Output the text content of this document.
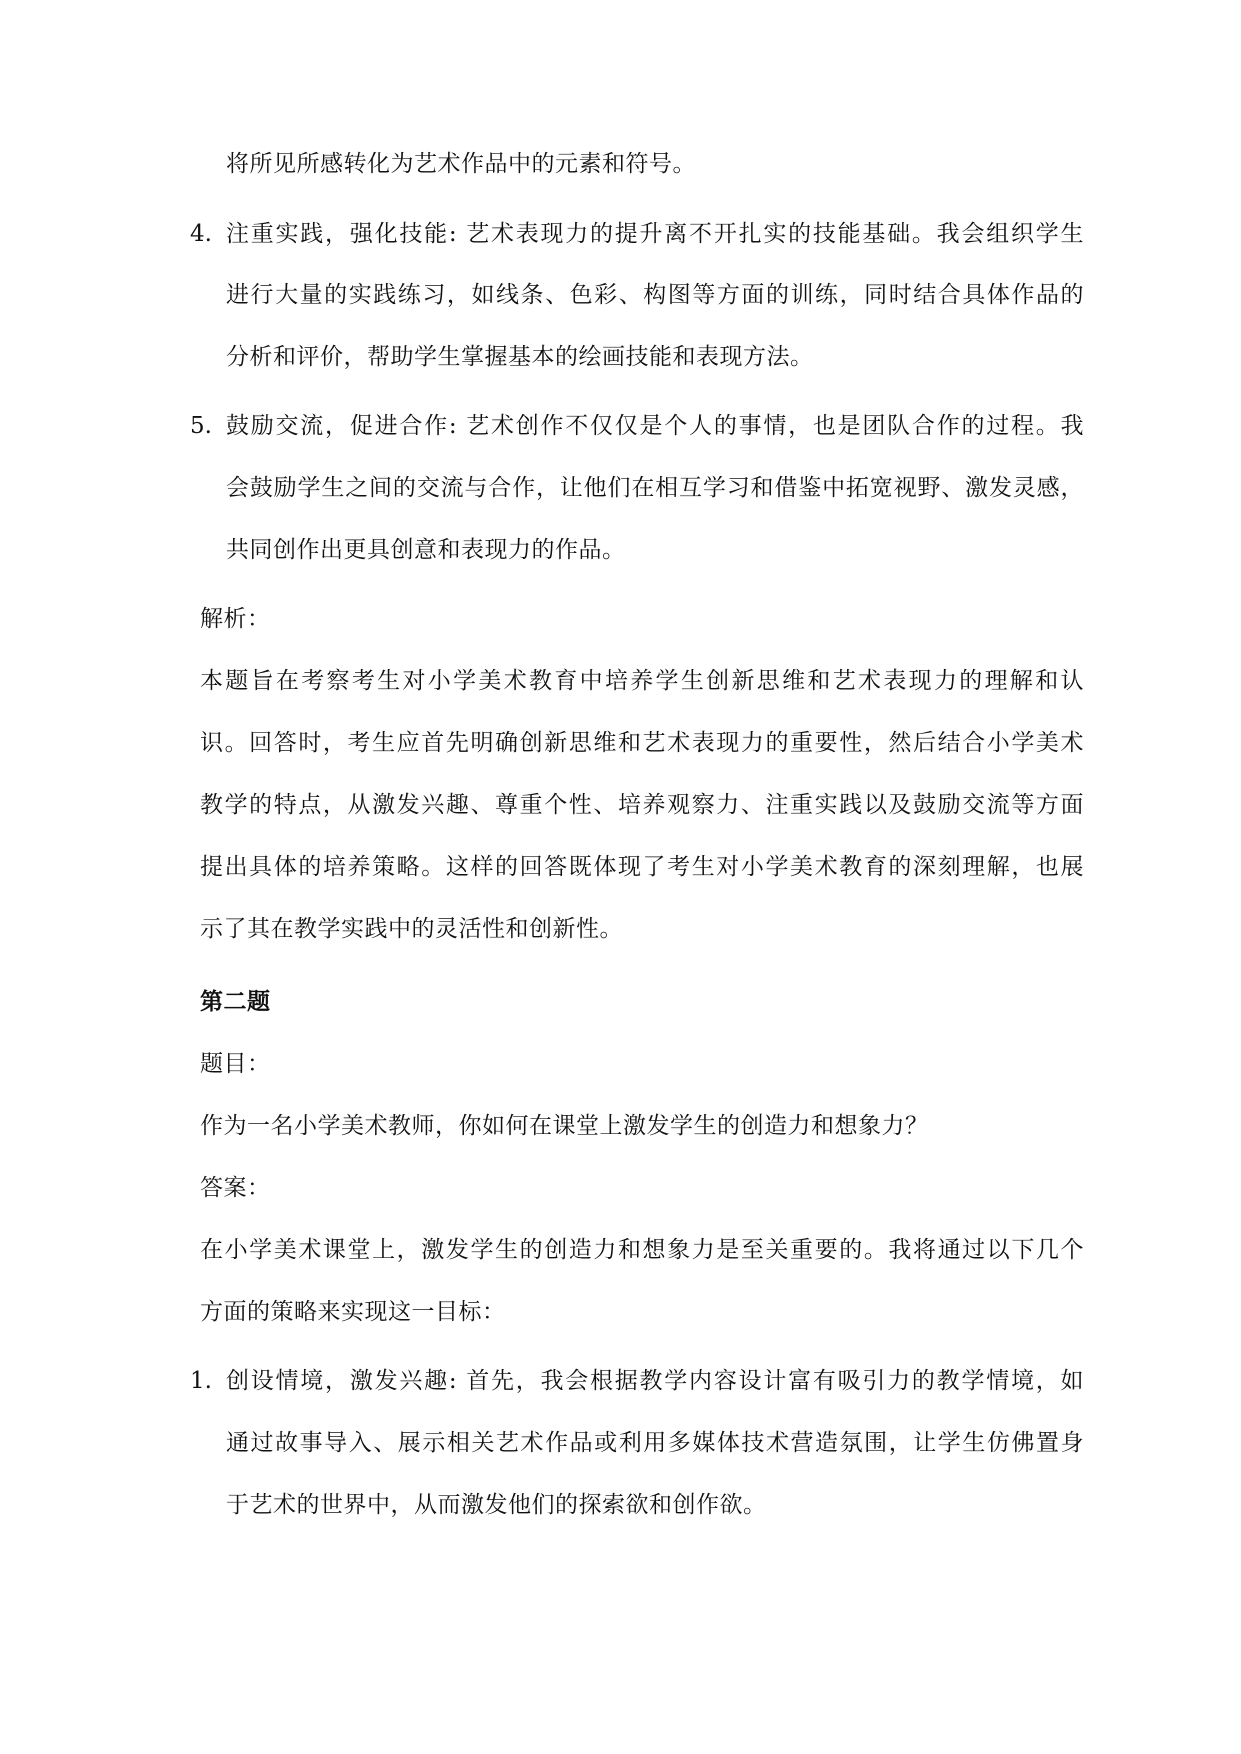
将所见所感转化为艺术作品中的元素和符号。
4. 注重实践，强化技能: 艺术表现力的提升离不开扎实的技能基础。我会组织学生
进行大量的实践练习，如线条、色彩、构图等方面的训练，同时结合具体作品的
分析和评价，帮助学生掌握基本的绘画技能和表现方法。
5. 鼓励交流，促进合作: 艺术创作不仅仅是个人的事情，也是团队合作的过程。我
会鼓励学生之间的交流与合作，让他们在相互学习和借鉴中拓宽视野、激发灵感，
共同创作出更具创意和表现力的作品。
解析：
本题旨在考察考生对小学美术教育中培养学生创新思维和艺术表现力的理解和认
识。回答时，考生应首先明确创新思维和艺术表现力的重要性，然后结合小学美术
教学的特点，从激发兴趣、尊重个性、培养观察力、注重实践以及鼓励交流等方面
提出具体的培养策略。这样的回答既体现了考生对小学美术教育的深刻理解，也展
示了其在教学实践中的灵活性和创新性。
第二题
题目：
作为一名小学美术教师，你如何在课堂上激发学生的创造力和想象力？
答案：
在小学美术课堂上，激发学生的创造力和想象力是至关重要的。我将通过以下几个
方面的策略来实现这一目标：
1. 创设情境，激发兴趣: 首先，我会根据教学内容设计富有吸引力的教学情境，如
通过故事导入、展示相关艺术作品或利用多媒体技术营造氛围，让学生仿佛置身
于艺术的世界中，从而激发他们的探索欲和创作欲。
